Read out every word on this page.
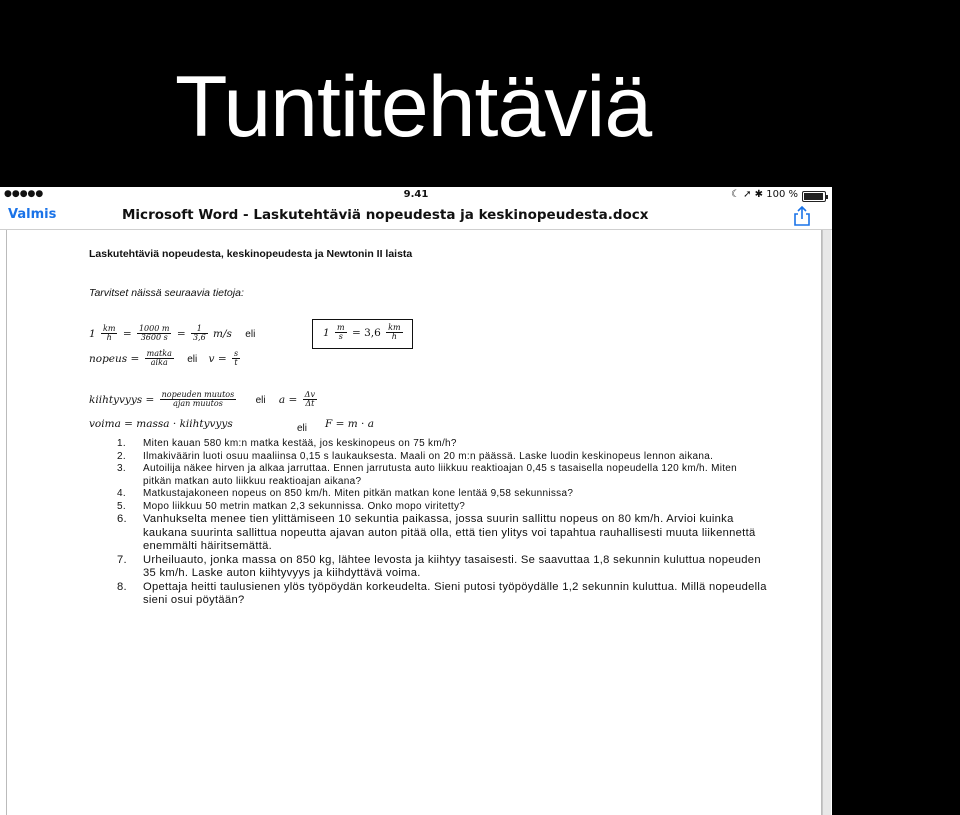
Tuntitehtäviä
●●●●●	9.41	☾ ➚ ✱ 100 %
Valmis	Microsoft Word - Laskutehtäviä nopeudesta ja keskinopeudesta.docx
Laskutehtäviä nopeudesta, keskinopeudesta ja Newtonin II laista
Tarvitset näissä seuraavia tietoja:
$1 \frac{km}{h} = \frac{1000 m}{3600 s} = \frac{1}{3,6} m/s$ eli	$1 \frac{m}{s} = 3,6 \frac{km}{h}$
nopeus = $\frac{\text{matka}}{\text{aika}}$ eli $v = \frac{s}{t}$
voima = massa · kiihtyvyys	eli F = m · a
kiihtyvyys = $\frac{\text{nopeuden muutos}}{\text{ajan muutos}}$ eli $a = \frac{\Delta v}{\Delta t}$
1. Miten kauan 580 km:n matka kestää, jos keskinopeus on 75 km/h?
2. Ilmakiväärin luoti osuu maaliinsa 0,15 s laukauksesta. Maali on 20 m:n päässä. Laske luodin keskinopeus lennon aikana.
3. Autoilija näkee hirven ja alkaa jarruttaa. Ennen jarrutusta auto liikkuu reaktioajan 0,45 s tasaisella nopeudella 120 km/h. Miten pitkän matkan auto liikkuu reaktioajan aikana?
4. Matkustajakoneen nopeus on 850 km/h. Miten pitkän matkan kone lentää 9,58 sekunnissa?
5. Mopo liikkuu 50 metrin matkan 2,3 sekunnissa. Onko mopo viritetty?
6. Vanhukselta menee tien ylittämiseen 10 sekuntia paikassa, jossa suurin sallittu nopeus on 80 km/h. Arvioi kuinka kaukana suurinta sallittua nopeutta ajavan auton pitää olla, että tien ylitys voi tapahtua rauhallisesti muuta liikennettä enemmälti häiritsemättä.
7. Urheiluauto, jonka massa on 850 kg, lähtee levosta ja kiihtyy tasaisesti. Se saavuttaa 1,8 sekunnin kuluttua nopeuden 35 km/h. Laske auton kiihtyvyys ja kiihdyttävä voima.
8. Opettaja heitti taulusienen ylös työpöydän korkeudelta. Sieni putosi työpöydälle 1,2 sekunnin kuluttua. Millä nopeudella sieni osui pöytään?
